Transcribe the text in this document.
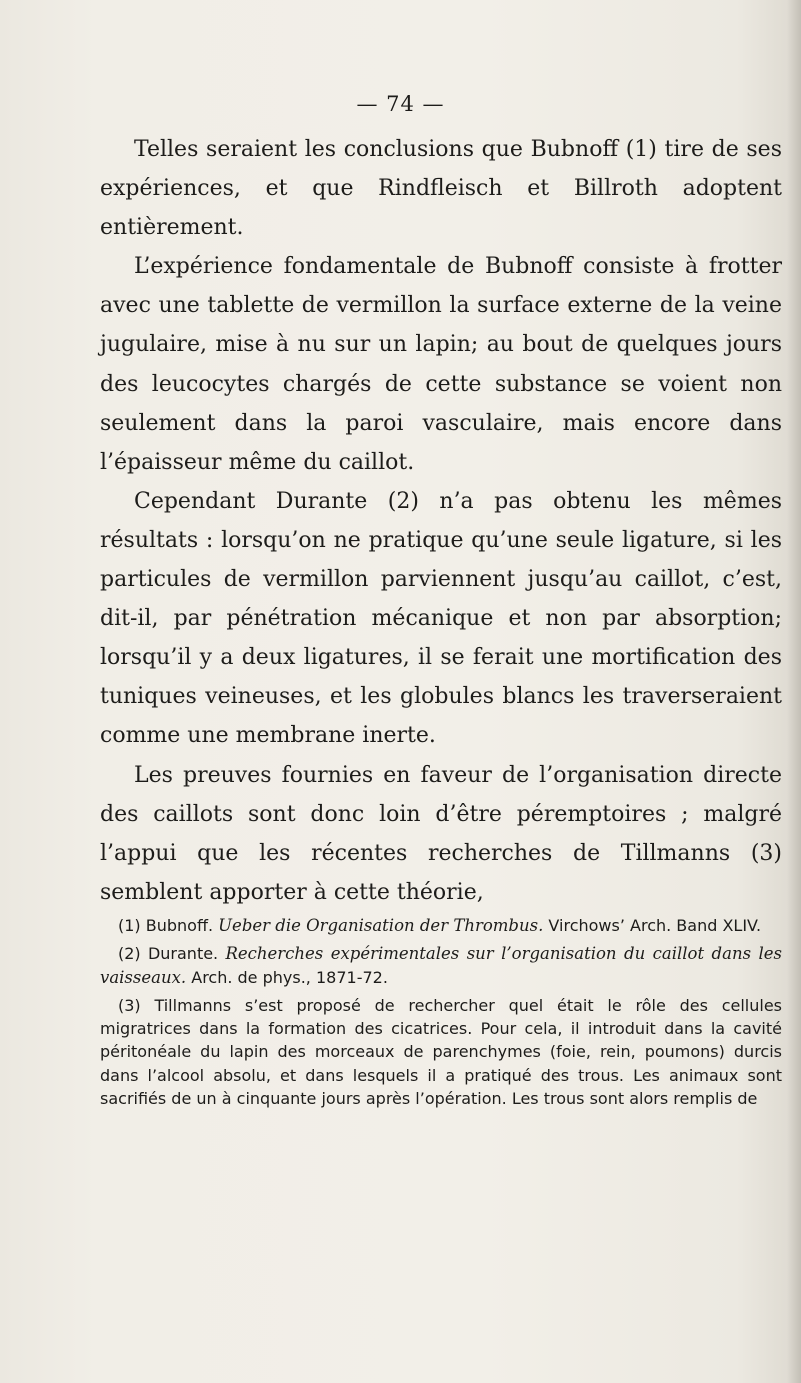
— 74 —

Telles seraient les conclusions que Bubnoff (1) tire de ses expériences, et que Rindfleisch et Billroth adoptent entièrement.

L’expérience fondamentale de Bubnoff consiste à frotter avec une tablette de vermillon la surface externe de la veine jugulaire, mise à nu sur un lapin; au bout de quelques jours des leucocytes chargés de cette substance se voient non seulement dans la paroi vasculaire, mais encore dans l’épaisseur même du caillot.

Cependant Durante (2) n’a pas obtenu les mêmes résultats : lorsqu’on ne pratique qu’une seule ligature, si les particules de vermillon parviennent jusqu’au caillot, c’est, dit-il, par pénétration mécanique et non par absorption; lorsqu’il y a deux ligatures, il se ferait une mortification des tuniques veineuses, et les globules blancs les traverseraient comme une membrane inerte.

Les preuves fournies en faveur de l’organisation directe des caillots sont donc loin d’être péremptoires ; malgré l’appui que les récentes recherches de Tillmanns (3) semblent apporter à cette théorie,

(1) Bubnoff. Ueber die Organisation der Thrombus. Virchows’ Arch. Band XLIV.

(2) Durante. Recherches expérimentales sur l’organisation du caillot dans les vaisseaux. Arch. de phys., 1871-72.

(3) Tillmanns s’est proposé de rechercher quel était le rôle des cellules migratrices dans la formation des cicatrices. Pour cela, il introduit dans la cavité péritonéale du lapin des morceaux de parenchymes (foie, rein, poumons) durcis dans l’alcool absolu, et dans lesquels il a pratiqué des trous. Les animaux sont sacrifiés de un à cinquante jours après l’opération. Les trous sont alors remplis de
